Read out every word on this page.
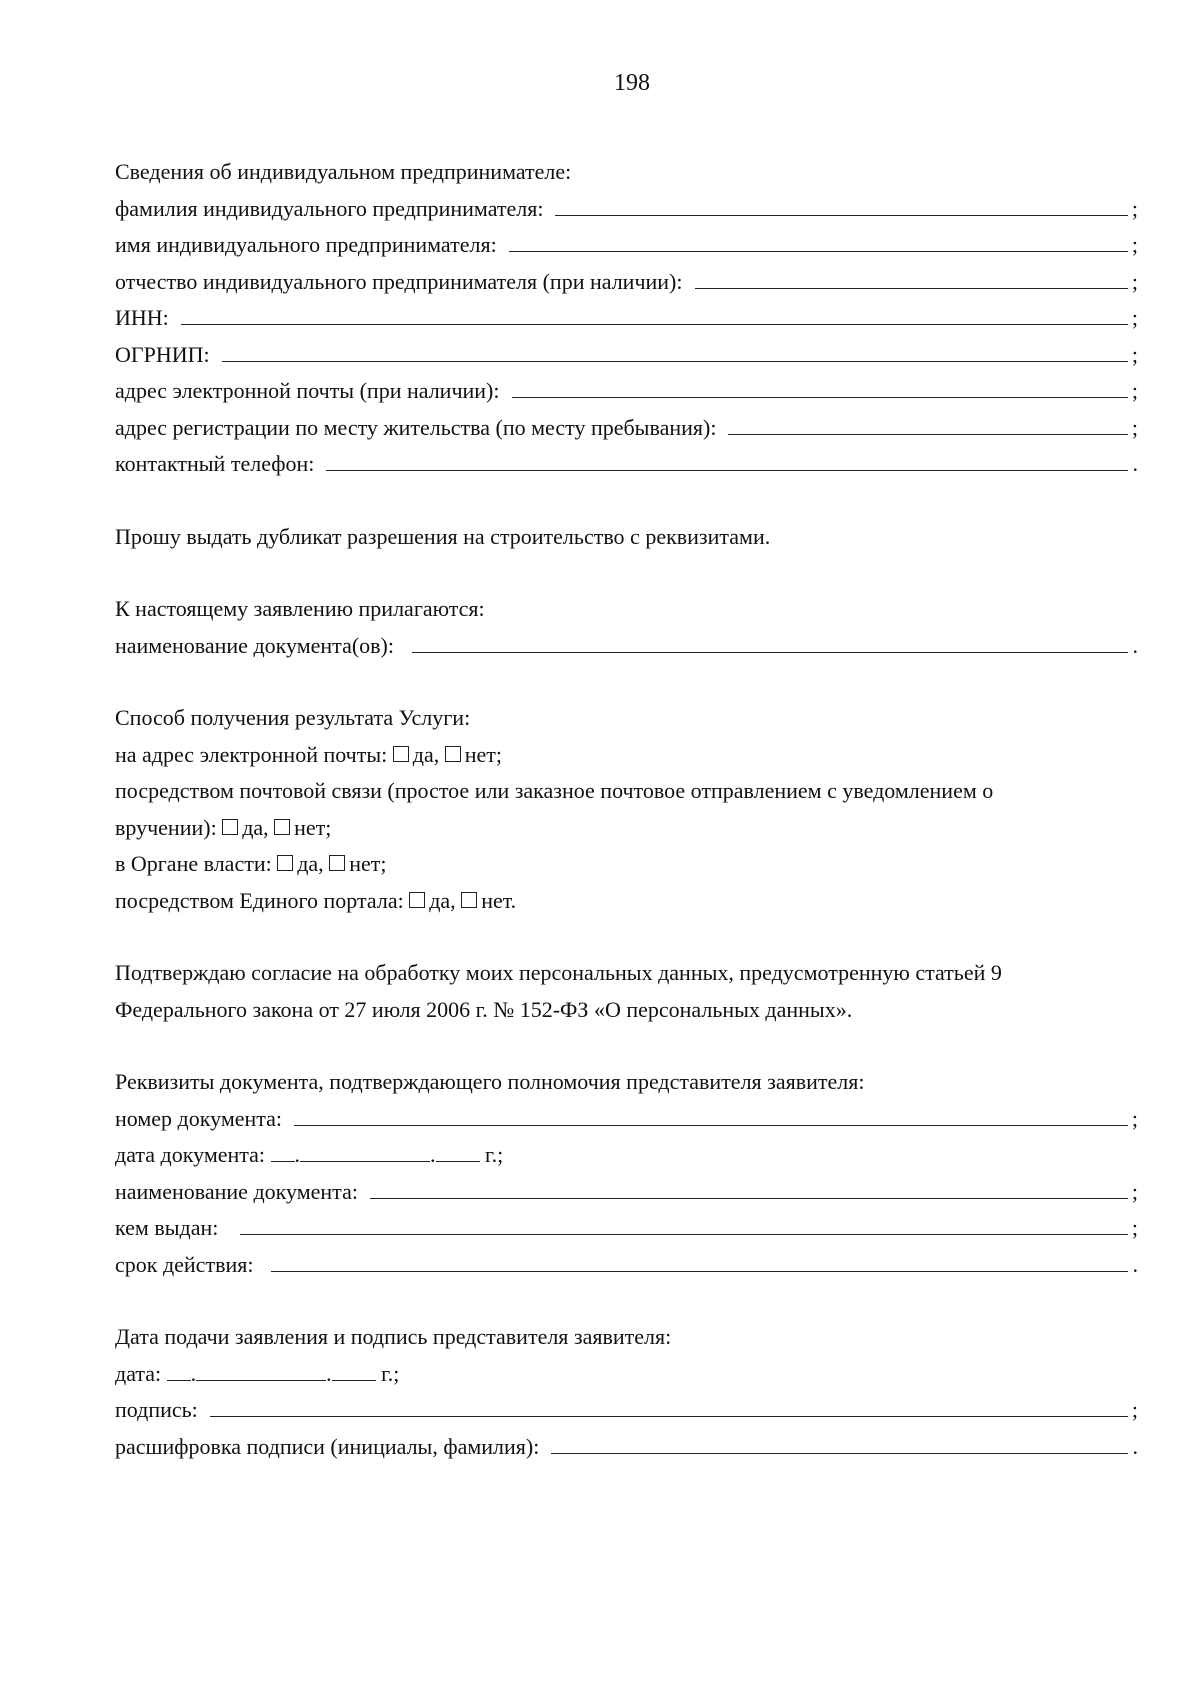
198
Сведения об индивидуальном предпринимателе:
фамилия индивидуального предпринимателя:	;
имя индивидуального предпринимателя:	;
отчество индивидуального предпринимателя (при наличии):	;
ИНН:	;
ОГРНИП:	;
адрес электронной почты (при наличии):	;
адрес регистрации по месту жительства (по месту пребывания):	;
контактный телефон:	.
Прошу выдать дубликат разрешения на строительство с реквизитами.
К настоящему заявлению прилагаются:
наименование документа(ов):	.
Способ получения результата Услуги:
на адрес электронной почты:
да,
нет;
посредством почтовой связи (простое или заказное почтовое отправлением с уведомлением о
вручении):
да,
нет;
в Органе власти:
да,
нет;
посредством Единого портала:
да,
нет.
Подтверждаю согласие на обработку моих персональных данных, предусмотренную статьей 9
Федерального закона от 27 июля 2006 г. № 152-ФЗ «О персональных данных».
Реквизиты документа, подтверждающего полномочия представителя заявителя:
номер документа:	;
дата документа:
.	.
г.;
наименование документа:	;
кем выдан:	;
срок действия:	.
Дата подачи заявления и подпись представителя заявителя:
дата:
.	.
г.;
подпись:	;
расшифровка подписи (инициалы, фамилия):	.
